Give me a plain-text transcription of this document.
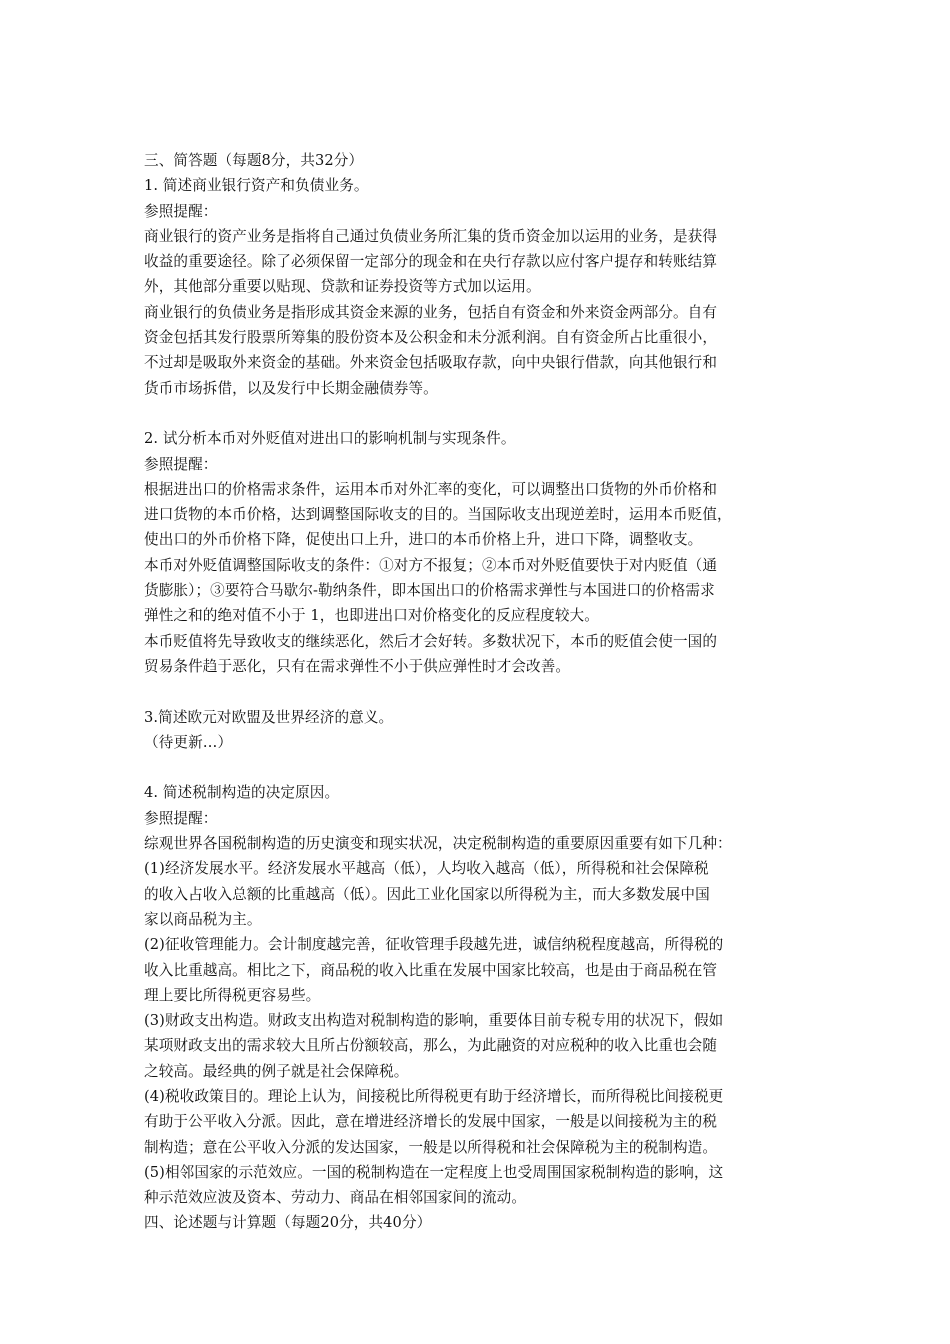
三、简答题（每题8分，共32分）
1. 简述商业银行资产和负债业务。
参照提醒：
商业银行的资产业务是指将自己通过负债业务所汇集的货币资金加以运用的业务，是获得
收益的重要途径。除了必须保留一定部分的现金和在央行存款以应付客户提存和转账结算
外，其他部分重要以贴现、贷款和证券投资等方式加以运用。
商业银行的负债业务是指形成其资金来源的业务，包括自有资金和外来资金两部分。自有
资金包括其发行股票所筹集的股份资本及公积金和未分派利润。自有资金所占比重很小，
不过却是吸取外来资金的基础。外来资金包括吸取存款，向中央银行借款，向其他银行和
货币市场拆借，以及发行中长期金融债券等。
2. 试分析本币对外贬值对进出口的影响机制与实现条件。
参照提醒：
根据进出口的价格需求条件，运用本币对外汇率的变化，可以调整出口货物的外币价格和
进口货物的本币价格，达到调整国际收支的目的。当国际收支出现逆差时，运用本币贬值，
使出口的外币价格下降，促使出口上升，进口的本币价格上升，进口下降，调整收支。
本币对外贬值调整国际收支的条件：①对方不报复；②本币对外贬值要快于对内贬值（通
货膨胀）；③要符合马歇尔-勒纳条件，即本国出口的价格需求弹性与本国进口的价格需求
弹性之和的绝对值不小于 1，也即进出口对价格变化的反应程度较大。
本币贬值将先导致收支的继续恶化，然后才会好转。多数状况下，本币的贬值会使一国的
贸易条件趋于恶化，只有在需求弹性不小于供应弹性时才会改善。
3.简述欧元对欧盟及世界经济的意义。
（待更新…）
4. 简述税制构造的决定原因。
参照提醒：
综观世界各国税制构造的历史演变和现实状况，决定税制构造的重要原因重要有如下几种：
(1)经济发展水平。经济发展水平越高（低），人均收入越高（低），所得税和社会保障税
的收入占收入总额的比重越高（低）。因此工业化国家以所得税为主，而大多数发展中国
家以商品税为主。
(2)征收管理能力。会计制度越完善，征收管理手段越先进，诚信纳税程度越高，所得税的
收入比重越高。相比之下，商品税的收入比重在发展中国家比较高，也是由于商品税在管
理上要比所得税更容易些。
(3)财政支出构造。财政支出构造对税制构造的影响，重要体目前专税专用的状况下，假如
某项财政支出的需求较大且所占份额较高，那么，为此融资的对应税种的收入比重也会随
之较高。最经典的例子就是社会保障税。
(4)税收政策目的。理论上认为，间接税比所得税更有助于经济增长，而所得税比间接税更
有助于公平收入分派。因此，意在增进经济增长的发展中国家，一般是以间接税为主的税
制构造；意在公平收入分派的发达国家，一般是以所得税和社会保障税为主的税制构造。
(5)相邻国家的示范效应。一国的税制构造在一定程度上也受周围国家税制构造的影响，这
种示范效应波及资本、劳动力、商品在相邻国家间的流动。
四、论述题与计算题（每题20分，共40分）
